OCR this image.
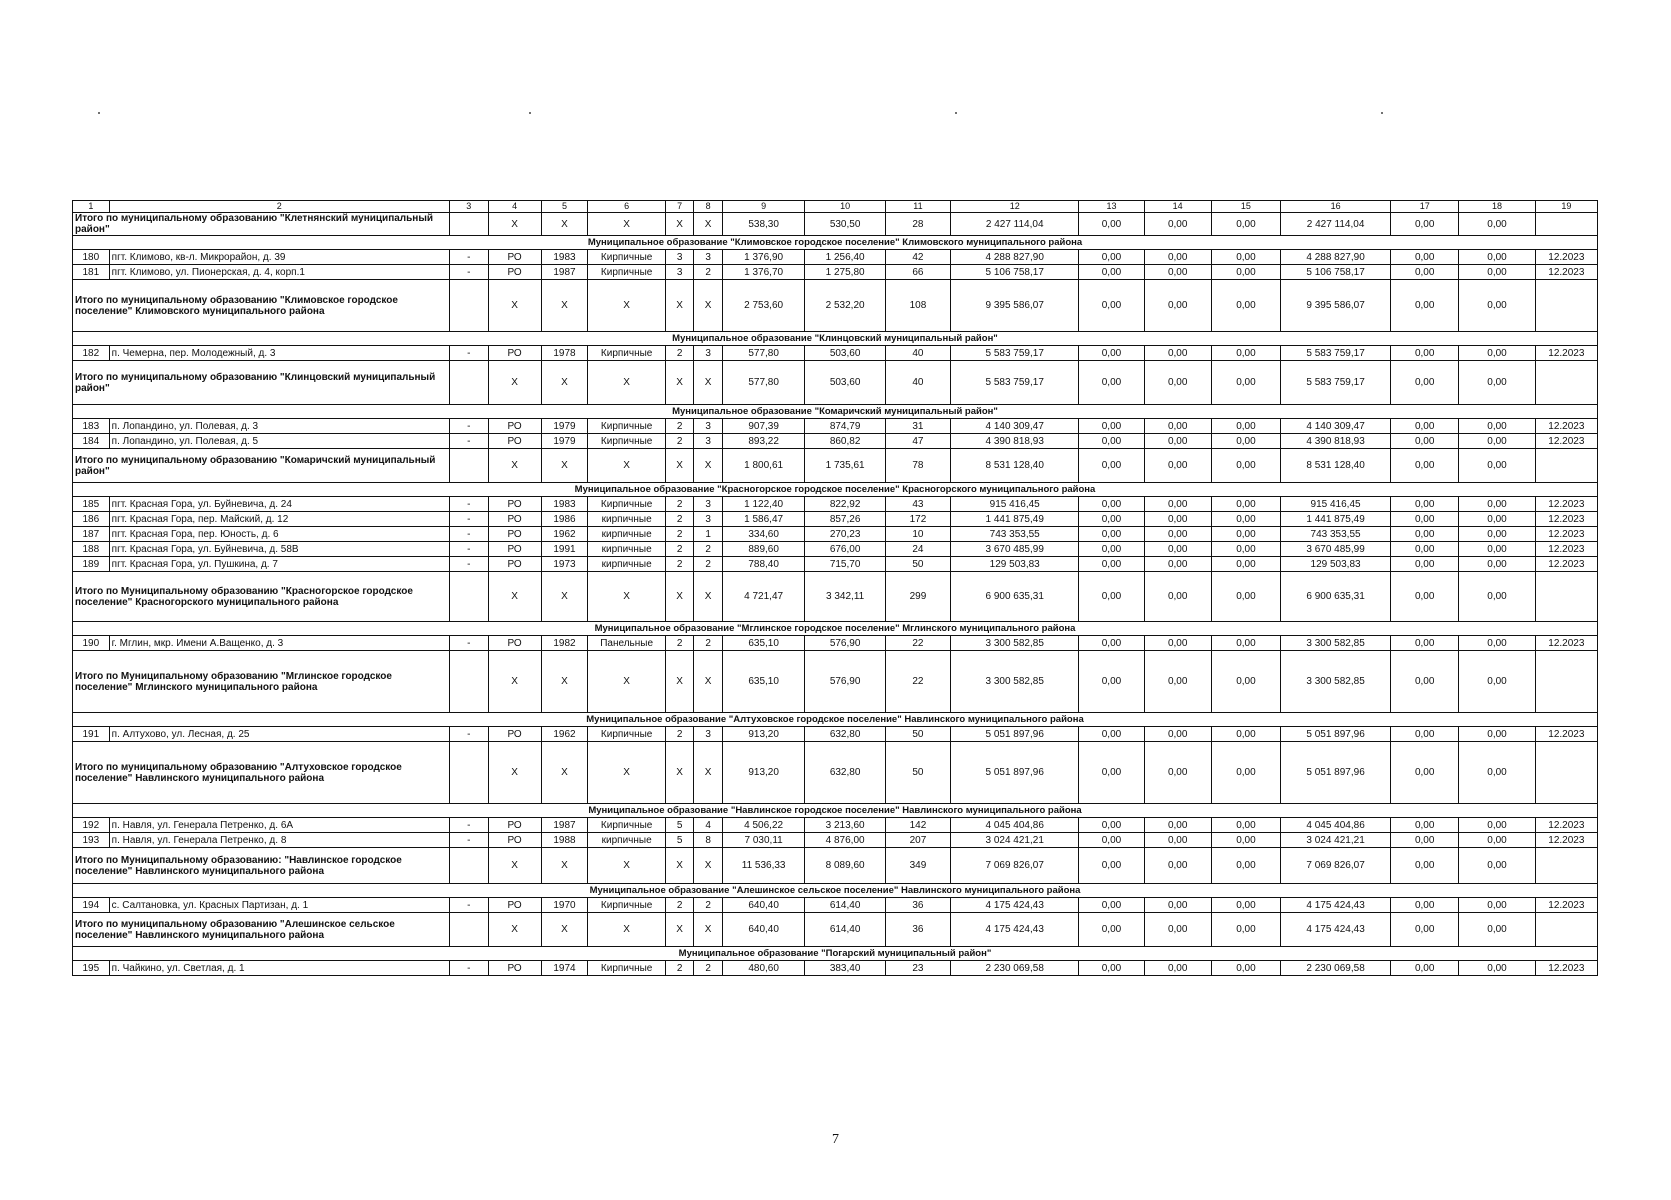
1	2	3	4	5	6	7	8	9	10	11	12	13	14	15	16	17	18	19
Итого по муниципальному образованию "Клетнянский муниципальный район"			X	X	X	X	X	538,30	530,50	28	2 427 114,04	0,00	0,00	0,00	2 427 114,04	0,00	0,00	
Муниципальное образование "Климовское городское поселение" Климовского муниципального района																		
180	пгт. Климово, кв-л. Микрорайон, д. 39	-	РО	1983	Кирпичные	3	3	1 376,90	1 256,40	42	4 288 827,90	0,00	0,00	0,00	4 288 827,90	0,00	0,00	12.2023
181	пгт. Климово, ул. Пионерская, д. 4, корп.1	-	РО	1987	Кирпичные	3	2	1 376,70	1 275,80	66	5 106 758,17	0,00	0,00	0,00	5 106 758,17	0,00	0,00	12.2023
Итого по муниципальному образованию "Климовское городское поселение" Климовского муниципального района			X	X	X	X	X	2 753,60	2 532,20	108	9 395 586,07	0,00	0,00	0,00	9 395 586,07	0,00	0,00	
Муниципальное образование "Клинцовский муниципальный район"																		
182	п. Чемерна, пер. Молодежный, д. 3	-	РО	1978	Кирпичные	2	3	577,80	503,60	40	5 583 759,17	0,00	0,00	0,00	5 583 759,17	0,00	0,00	12.2023
Итого по муниципальному образованию "Клинцовский муниципальный район"			X	X	X	X	X	577,80	503,60	40	5 583 759,17	0,00	0,00	0,00	5 583 759,17	0,00	0,00	
Муниципальное образование "Комаричский муниципальный район"																		
183	п. Лопандино, ул. Полевая, д. 3	-	РО	1979	Кирпичные	2	3	907,39	874,79	31	4 140 309,47	0,00	0,00	0,00	4 140 309,47	0,00	0,00	12.2023
184	п. Лопандино, ул. Полевая, д. 5	-	РО	1979	Кирпичные	2	3	893,22	860,82	47	4 390 818,93	0,00	0,00	0,00	4 390 818,93	0,00	0,00	12.2023
Итого по муниципальному образованию "Комаричский муниципальный район"			X	X	X	X	X	1 800,61	1 735,61	78	8 531 128,40	0,00	0,00	0,00	8 531 128,40	0,00	0,00	
Муниципальное образование "Красногорское городское поселение" Красногорского муниципального района																		
185	пгт. Красная Гора, ул. Буйневича, д. 24	-	РО	1983	Кирпичные	2	3	1 122,40	822,92	43	915 416,45	0,00	0,00	0,00	915 416,45	0,00	0,00	12.2023
186	пгт. Красная Гора, пер. Майский, д. 12	-	РО	1986	кирпичные	2	3	1 586,47	857,26	172	1 441 875,49	0,00	0,00	0,00	1 441 875,49	0,00	0,00	12.2023
187	пгт. Красная Гора, пер. Юность, д. 6	-	РО	1962	кирпичные	2	1	334,60	270,23	10	743 353,55	0,00	0,00	0,00	743 353,55	0,00	0,00	12.2023
188	пгт. Красная Гора, ул. Буйневича, д. 58В	-	РО	1991	кирпичные	2	2	889,60	676,00	24	3 670 485,99	0,00	0,00	0,00	3 670 485,99	0,00	0,00	12.2023
189	пгт. Красная Гора, ул. Пушкина, д. 7	-	РО	1973	кирпичные	2	2	788,40	715,70	50	129 503,83	0,00	0,00	0,00	129 503,83	0,00	0,00	12.2023
Итого по Муниципальному образованию "Красногорское городское поселение" Красногорского муниципального района			X	X	X	X	X	4 721,47	3 342,11	299	6 900 635,31	0,00	0,00	0,00	6 900 635,31	0,00	0,00	
Муниципальное образование "Мглинское городское поселение" Мглинского муниципального района																		
190	г. Мглин, мкр. Имени А.Ващенко, д. 3	-	РО	1982	Панельные	2	2	635,10	576,90	22	3 300 582,85	0,00	0,00	0,00	3 300 582,85	0,00	0,00	12.2023
Итого по Муниципальному образованию "Мглинское городское поселение" Мглинского муниципального района			X	X	X	X	X	635,10	576,90	22	3 300 582,85	0,00	0,00	0,00	3 300 582,85	0,00	0,00	
Муниципальное образование "Алтуховское городское поселение" Навлинского муниципального района																		
191	п. Алтухово, ул. Лесная, д. 25	-	РО	1962	Кирпичные	2	3	913,20	632,80	50	5 051 897,96	0,00	0,00	0,00	5 051 897,96	0,00	0,00	12.2023
Итого по муниципальному образованию "Алтуховское городское поселение" Навлинского муниципального района			X	X	X	X	X	913,20	632,80	50	5 051 897,96	0,00	0,00	0,00	5 051 897,96	0,00	0,00	
Муниципальное образование "Навлинское городское поселение" Навлинского муниципального района																		
192	п. Навля, ул. Генерала Петренко, д. 6А	-	РО	1987	Кирпичные	5	4	4 506,22	3 213,60	142	4 045 404,86	0,00	0,00	0,00	4 045 404,86	0,00	0,00	12.2023
193	п. Навля, ул. Генерала Петренко, д. 8	-	РО	1988	кирпичные	5	8	7 030,11	4 876,00	207	3 024 421,21	0,00	0,00	0,00	3 024 421,21	0,00	0,00	12.2023
Итого по Муниципальному образованию: "Навлинское городское поселение" Навлинского муниципального района			X	X	X	X	X	11 536,33	8 089,60	349	7 069 826,07	0,00	0,00	0,00	7 069 826,07	0,00	0,00	
Муниципальное образование "Алешинское сельское поселение" Навлинского муниципального района																		
194	с. Салтановка, ул. Красных Партизан, д. 1	-	РО	1970	Кирпичные	2	2	640,40	614,40	36	4 175 424,43	0,00	0,00	0,00	4 175 424,43	0,00	0,00	12.2023
Итого по муниципальному образованию "Алешинское сельское поселение" Навлинского муниципального района			X	X	X	X	X	640,40	614,40	36	4 175 424,43	0,00	0,00	0,00	4 175 424,43	0,00	0,00	
Муниципальное образование "Погарский муниципальный район"																		
195	п. Чайкино, ул. Светлая, д. 1	-	РО	1974	Кирпичные	2	2	480,60	383,40	23	2 230 069,58	0,00	0,00	0,00	2 230 069,58	0,00	0,00	12.2023
7
